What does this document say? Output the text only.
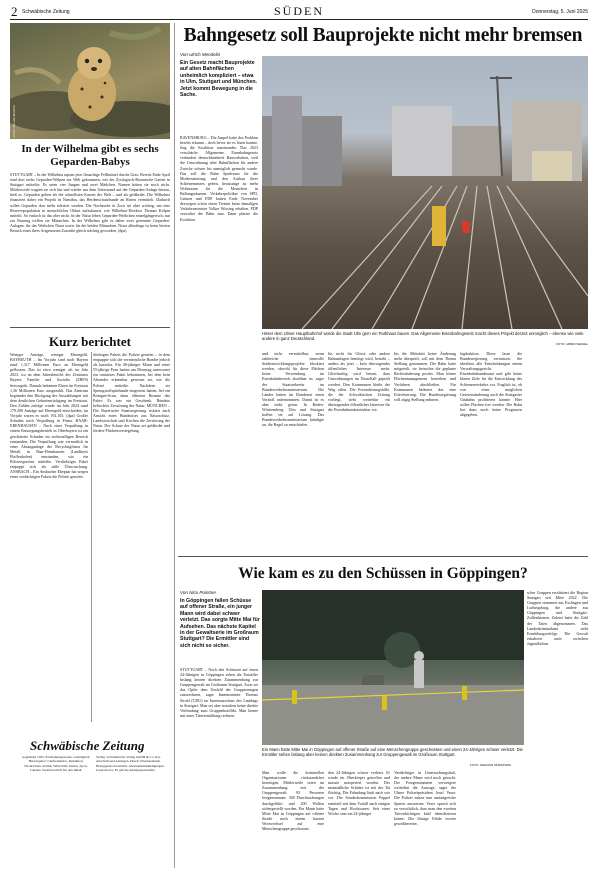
2 Schwäbische Zeitung	SÜDEN	Donnerstag, 5. Juni 2025
FOTO: WILHELMA/DPA
In der Wilhelma gibt es sechs Geparden-Babys
STUTTGART – In der Wilhelma tapsen jetzt flauschige Fellknäuel durchs Gras: Bereits Ende April sind dort sechs Geparden-Welpen zur Welt gekommen, wie der Zoologisch-Botanische Garten in Stuttgart mitteilte. Es seien vier Jungen und zwei Mädchen. Namen hätten sie noch nicht. Mittlerweile wagten sie sich hin und wieder aus dem Unterstand auf der Geparden-Anlage heraus, hieß es. Geparden gelten als die schnellsten Katzen der Welt – und als gefährdet. Die Wilhelma finanziert daher ein Projekt in Namibia, das Herdenschutzhunde an Hirten vermittelt. Dadurch sollen Geparden dort mehr toleriert werden. Die Nachzucht in Zoos sei aber wichtig, um eine Reservepopulation in menschlicher Obhut aufzubauen, wie Wilhelma-Direktor Thomas Kölpin mitteilt. So einfach ist das aber nicht. In der Natur leben Geparden-Weibchen einzelgängerisch, nur zur Paarung treffen sie Männchen. In der Wilhelma gibt es daher zwei getrennte Geparden-Anlagen: für das Weibchen Niara sowie für die beiden Männchen. Niara allerdings ist beim letzten Besuch eines ihres Artgenossen Zawadie gleich trächtig geworden. (dpa)
Kurz berichtet
Weniger Anträge, weniger Ehrengeld. BAYREUTH – Im Vorjahr sind nach Bayern rund 1,317 Millionen Euro an Ehrengeld geflossen. Das ist etwa weniger als im Jahr 2023, wo an dem Jahresbericht des Zentrums Bayern Familie und Soziales (ZBFS) hervorgeht. Damals bekamen Ehren im Freistaat 1,36 Millionen Euro ausgezahlt. Das Zentrum begründet den Rückgang der Auszahlungen mit dem deutlichen Geburtenrückgang im Freistaat. Den Zahlen zufolge wurde im Jahr 2024 rund 179.289 Anträge auf Ehrengeld entschieden, im Vorjahr waren es noch 192.165. (dpa) Großer Schaden nach Verpuffung in Firma. BAAR-EBENHAUSEN – Nach einer Verpuffung in einem Entsorgungsbetrieb in Oberbayern ist ein geschätzter Schaden im sechsstelligen Bereich entstanden. Die Verpuffung war vermutlich in einer Absauganlage der Recyclingfirma für Metall in Baar-Ebenhausen (Landkreis Pfaffenhofen) entstanden, wie ein Polizeisprecher mitteilte. Verdächtiges Paket entpuppt sich als süße Überraschung. ANSBACH – Ein Ansbacher Ehepaar hat wegen eines verdächtigen Pakets die Polizei gerufen.
dächtigen Pakets die Polizei gerufen – in dem entpuppte sich die vermeintliche Bombe jedoch als harmlos. Ein 46-jähriger Mann und seine 55-jährige Frau hatten am Dienstag unerwartet ein ominöses Paket bekommen, bei dem kein Absender erkennbar gewesen sei, wie die Polizei mitteilte. Nachdem sie Sprengstoffspürhunde eingesetzt hatten, lief ein Röntgen-Scan, dann öffneten Beamte das Paket: Es war ein Geschenk. Bündnis befürchtet Zerstörung der Natur. MÜNCHEN – Die Bayerische Staatsregierung riskiert nach Ansicht eines Bündnisses aus Naturschutz, Landwirtschaft und Kirchen die Zerstörung der Natur. Der Schutz der Natur sei gefährdet und fördere Flächenversiegelung.
Schwäbische Zeitung
Gegründet 1945. Erscheinungsweise: werktäglich. Herausgeber: Chefredaktion, Redaktion, Nachrichten, Politik, Wirtschaft, Kultur, Sport, Lokales. Verantwortlich für den Inhalt.
Verlag: Schwäbischer Verlag GmbH & Co. KG. Anschrift und Anzeigen. Druck: Druckzentrum. Bezugspreis monatlich. Abonnementkündigungen. Leserservice. Es gilt die Anzeigenpreisliste.
Bahngesetz soll Bauprojekte nicht mehr bremsen
Von Ulrich Mendelin
Ein Gesetz macht Bauprojekte auf alten Bahnflächen unheimlich kompliziert – etwa in Ulm, Stuttgart und München. Jetzt kommt Bewegung in die Sache.
RAVENSBURG – Die Ampel hatte das Problem bereits erkannt – doch bevor sie es lösen konnte, fing die Koalition auseinander. Das 2023 verschärfte Allgemeine Eisenbahngesetz verhindert deutschlandweit Bauvorhaben, weil die Umwidmung alter Bahnflächen für andere Zwecke schwer bis unmöglich gemacht wurde. Das soll die Bahn Spielraum für die Modernisierung und den Ausbau ihres Schienennetzes geben, heutzutage zu mehr Wohnraum für die Menschen in Ballungsräumen. Verkehrspolitiker von SPD, Grünen und FDP hatten Ende November deswegen schon einen Termin beim damaligen Verkehrsminister Volker Wissing erhalten. FDP verwaltet die Bahn nun. Dann platzte die Koalition.
Hinter dem Ulmer Hauptbahnhof würde die Stadt Ulm gern ein Parkhaus bauen. Das Allgemeine Eisenbahngesetz macht dieses Projekt derzeit unmöglich – ebenso wie viele andere in ganz Deutschland.
FOTO: ARMIN WEIGEL
und nicht vermittelbar, wenn zahlreiche sinnvolle Stadtentwicklungsprojekte blockiert werden, obwohl für diese Flächen keine Verwendung im Eisenbahnbereich absehbar ist, sagte der Staatssekretär im Bundesverkehrsministerium. Die Länder hatten im Bundesrat einen Vorstoß unternommen. Damit ist es aber nicht getan. In Baden-Württemberg, Ulm und Stuttgart hoffen sie auf Lösung. Das Bundesverkehrsministerium kündigte an, die Regel zu entschärfen.
bis nicht für Gleise oder andere Bahnanlagen benötigt wird, besteht – anders als jetzt – kein überragendes öffentliches Interesse mehr. Gleichzeitig wird betont, dass Umwidmungen im Einzelfall geprüft werden. Den Kommunen bleibt der Weg offen. Die Formulierungshilfe, die der Schwäbischen Zeitung vorliegt, sieht weiterhin ein überragendes öffentliches Interesse für die Eisenbahninfrastruktur vor.
bis die Mehrheit keine Änderung mehr überprüft, soll mit dem Thema Stellung genommen. Die Bahn hatte mitgeteilt, sie betrachte die geplante Rechtsänderung positiv. Man könne Flächenmanagement betreiben und Verfahren abschließen. Für Kommunen bedeutet das eine Erleichterung. Die Bundesregierung will zügig Stellung nehmen.
fagdraktion. Diese lasse die Bundesregierung vermissen. Sie überlässt alle Entscheidungen einem Verwaltungsgericht. Eisenbahnbundesamt und gibt keine klaren Ziele für die Entwicklung des Schienenverkehrs vor. Fraglich ist, ob von einer möglichen Gesetzesänderung auch die Stuttgarter Gäubahn profitieren könnte. Hier sollen Flächen frei werden. Die Bahn hat dazu noch keine Prognosen abgegeben.
Wie kam es zu den Schüssen in Göppingen?
Von Nico Pointner
In Göppingen fallen Schüsse auf offener Straße, ein junger Mann wird dabei schwer verletzt. Das sorgte Mitte Mai für Aufsehen. Das nächste Kapitel in der Gewaltserie im Großraum Stuttgart? Die Ermittler sind sich nicht so sicher.
Ein Mann hatte Mitte Mai in Göppingen auf offener Straße auf eine Menschengruppe geschossen und einen 24-Jährigen schwer verletzt. Die Ermittler sehen bislang aber keinen direkten Zusammenhang zur Gruppengewalt im Großraum Stuttgart.
FOTO: MARIJAN MURAT/DPA
STUTTGART – Nach den Schüssen auf einen 24-Jährigen in Göppingen sehen die Ermittler bislang keinen direkten Zusammenhang zur Gruppengewalt im Großraum Stuttgart. Zwar sei das Opfer dem Umfeld der Gruppierungen zuzurechnen, sagte Innenminister Thomas Strobl (CDU) im Innenausschuss des Landtags in Stuttgart. Man sei aber trotzdem keine direkte Verbindung zum Gruppenkonflikt. Man könne mit einer Täterermittlung rechnen.
Man wolle die kriminellen Organisationen rückstandsfrei beseitigen, Mittlerweile seien im Zusammenhang mit der Gruppengewalt 93 Personen festgenommen. 300 Durchsuchungen durchgeführt und 200 Waffen sichergestellt worden. Ein Mann hatte Mitte Mai in Göppingen auf offener Straße nach einem kurzen Wortwechsel auf eine Menschengruppe geschossen.
den 24-Jährigen schwer verletzt. Er wurde im Oberkörper getroffen und musste notoperiert werden. Der mutmaßliche Schütze ist seit der Tat flüchtig. Die Fahndung läuft nach wie vor. Die Sonderkommission Pappel ermittelt seit dem Vorfall nach einigen Tagen und Hochtouren. Seit einer Woche sitzt ein 24-jähriger
Verdächtiger in Untersuchungshaft, der andere Mann wird noch gesucht. Der Festgenommene verweigere weiterhin die Aussage, sagte der Ulmer Polizeipräsident Josef Veser. Die Polizei müsse nun umfangreiche Spuren auswerten. Veser sprach sich zu versichtlich, dass man den zweiten Tatverdächtigen bald identifizieren könne. Die blutige Fehde zweier gewaltbereiter,
scher Gruppen erschüttert die Region Stuttgart seit Mitte 2022. Die Gruppen stammen aus Esslingen und Ludwigsburg, die andere aus Göppingen und Stuttgart-Zuffenhausen. Zuletzt hatte die Zahl der Taten abgenommen. Das Landeskriminalamt sieht Ermittlungserfolge. Die Gewalt eskalierte auch zwischen Jugendlichen.
